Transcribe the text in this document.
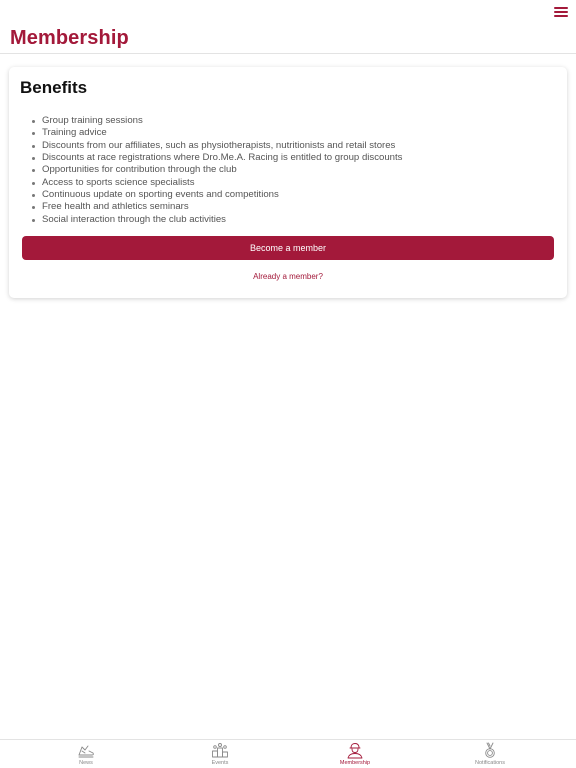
Membership
Benefits
Group training sessions
Training advice
Discounts from our affiliates, such as physiotherapists, nutritionists and retail stores
Discounts at race registrations where Dro.Me.A. Racing is entitled to group discounts
Opportunities for contribution through the club
Access to sports science specialists
Continuous update on sporting events and competitions
Free health and athletics seminars
Social interaction through the club activities
Become a member
Already a member?
News	Events	Membership	Notifications
